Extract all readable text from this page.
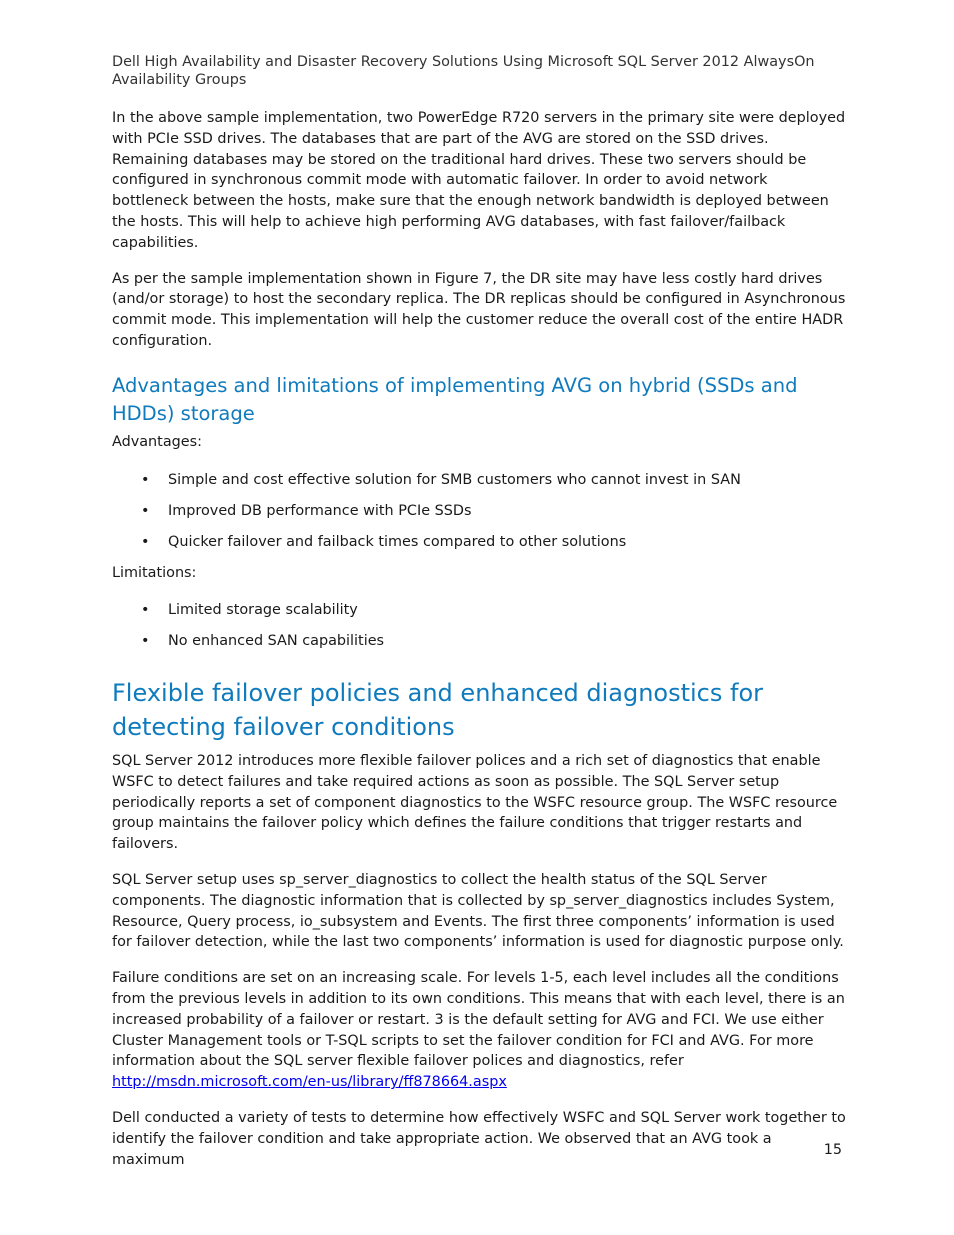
Dell High Availability and Disaster Recovery Solutions Using Microsoft SQL Server 2012 AlwaysOn Availability Groups

In the above sample implementation, two PowerEdge R720 servers in the primary site were deployed with PCIe SSD drives. The databases that are part of the AVG are stored on the SSD drives. Remaining databases may be stored on the traditional hard drives. These two servers should be configured in synchronous commit mode with automatic failover. In order to avoid network bottleneck between the hosts, make sure that the enough network bandwidth is deployed between the hosts. This will help to achieve high performing AVG databases, with fast failover/failback capabilities.

As per the sample implementation shown in Figure 7, the DR site may have less costly hard drives (and/or storage) to host the secondary replica. The DR replicas should be configured in Asynchronous commit mode. This implementation will help the customer reduce the overall cost of the entire HADR configuration.

Advantages and limitations of implementing AVG on hybrid (SSDs and HDDs) storage
Advantages:
• Simple and cost effective solution for SMB customers who cannot invest in SAN
• Improved DB performance with PCIe SSDs
• Quicker failover and failback times compared to other solutions
Limitations:
• Limited storage scalability
• No enhanced SAN capabilities
Flexible failover policies and enhanced diagnostics for detecting failover conditions

SQL Server 2012 introduces more flexible failover polices and a rich set of diagnostics that enable WSFC to detect failures and take required actions as soon as possible. The SQL Server setup periodically reports a set of component diagnostics to the WSFC resource group. The WSFC resource group maintains the failover policy which defines the failure conditions that trigger restarts and failovers.

SQL Server setup uses sp_server_diagnostics to collect the health status of the SQL Server components. The diagnostic information that is collected by sp_server_diagnostics includes System, Resource, Query process, io_subsystem and Events. The first three components’ information is used for failover detection, while the last two components’ information is used for diagnostic purpose only.

Failure conditions are set on an increasing scale. For levels 1-5, each level includes all the conditions from the previous levels in addition to its own conditions. This means that with each level, there is an increased probability of a failover or restart. 3 is the default setting for AVG and FCI. We use either Cluster Management tools or T-SQL scripts to set the failover condition for FCI and AVG. For more information about the SQL server flexible failover polices and diagnostics, refer
http://msdn.microsoft.com/en-us/library/ff878664.aspx

Dell conducted a variety of tests to determine how effectively WSFC and SQL Server work together to identify the failover condition and take appropriate action. We observed that an AVG took a maximum

15
